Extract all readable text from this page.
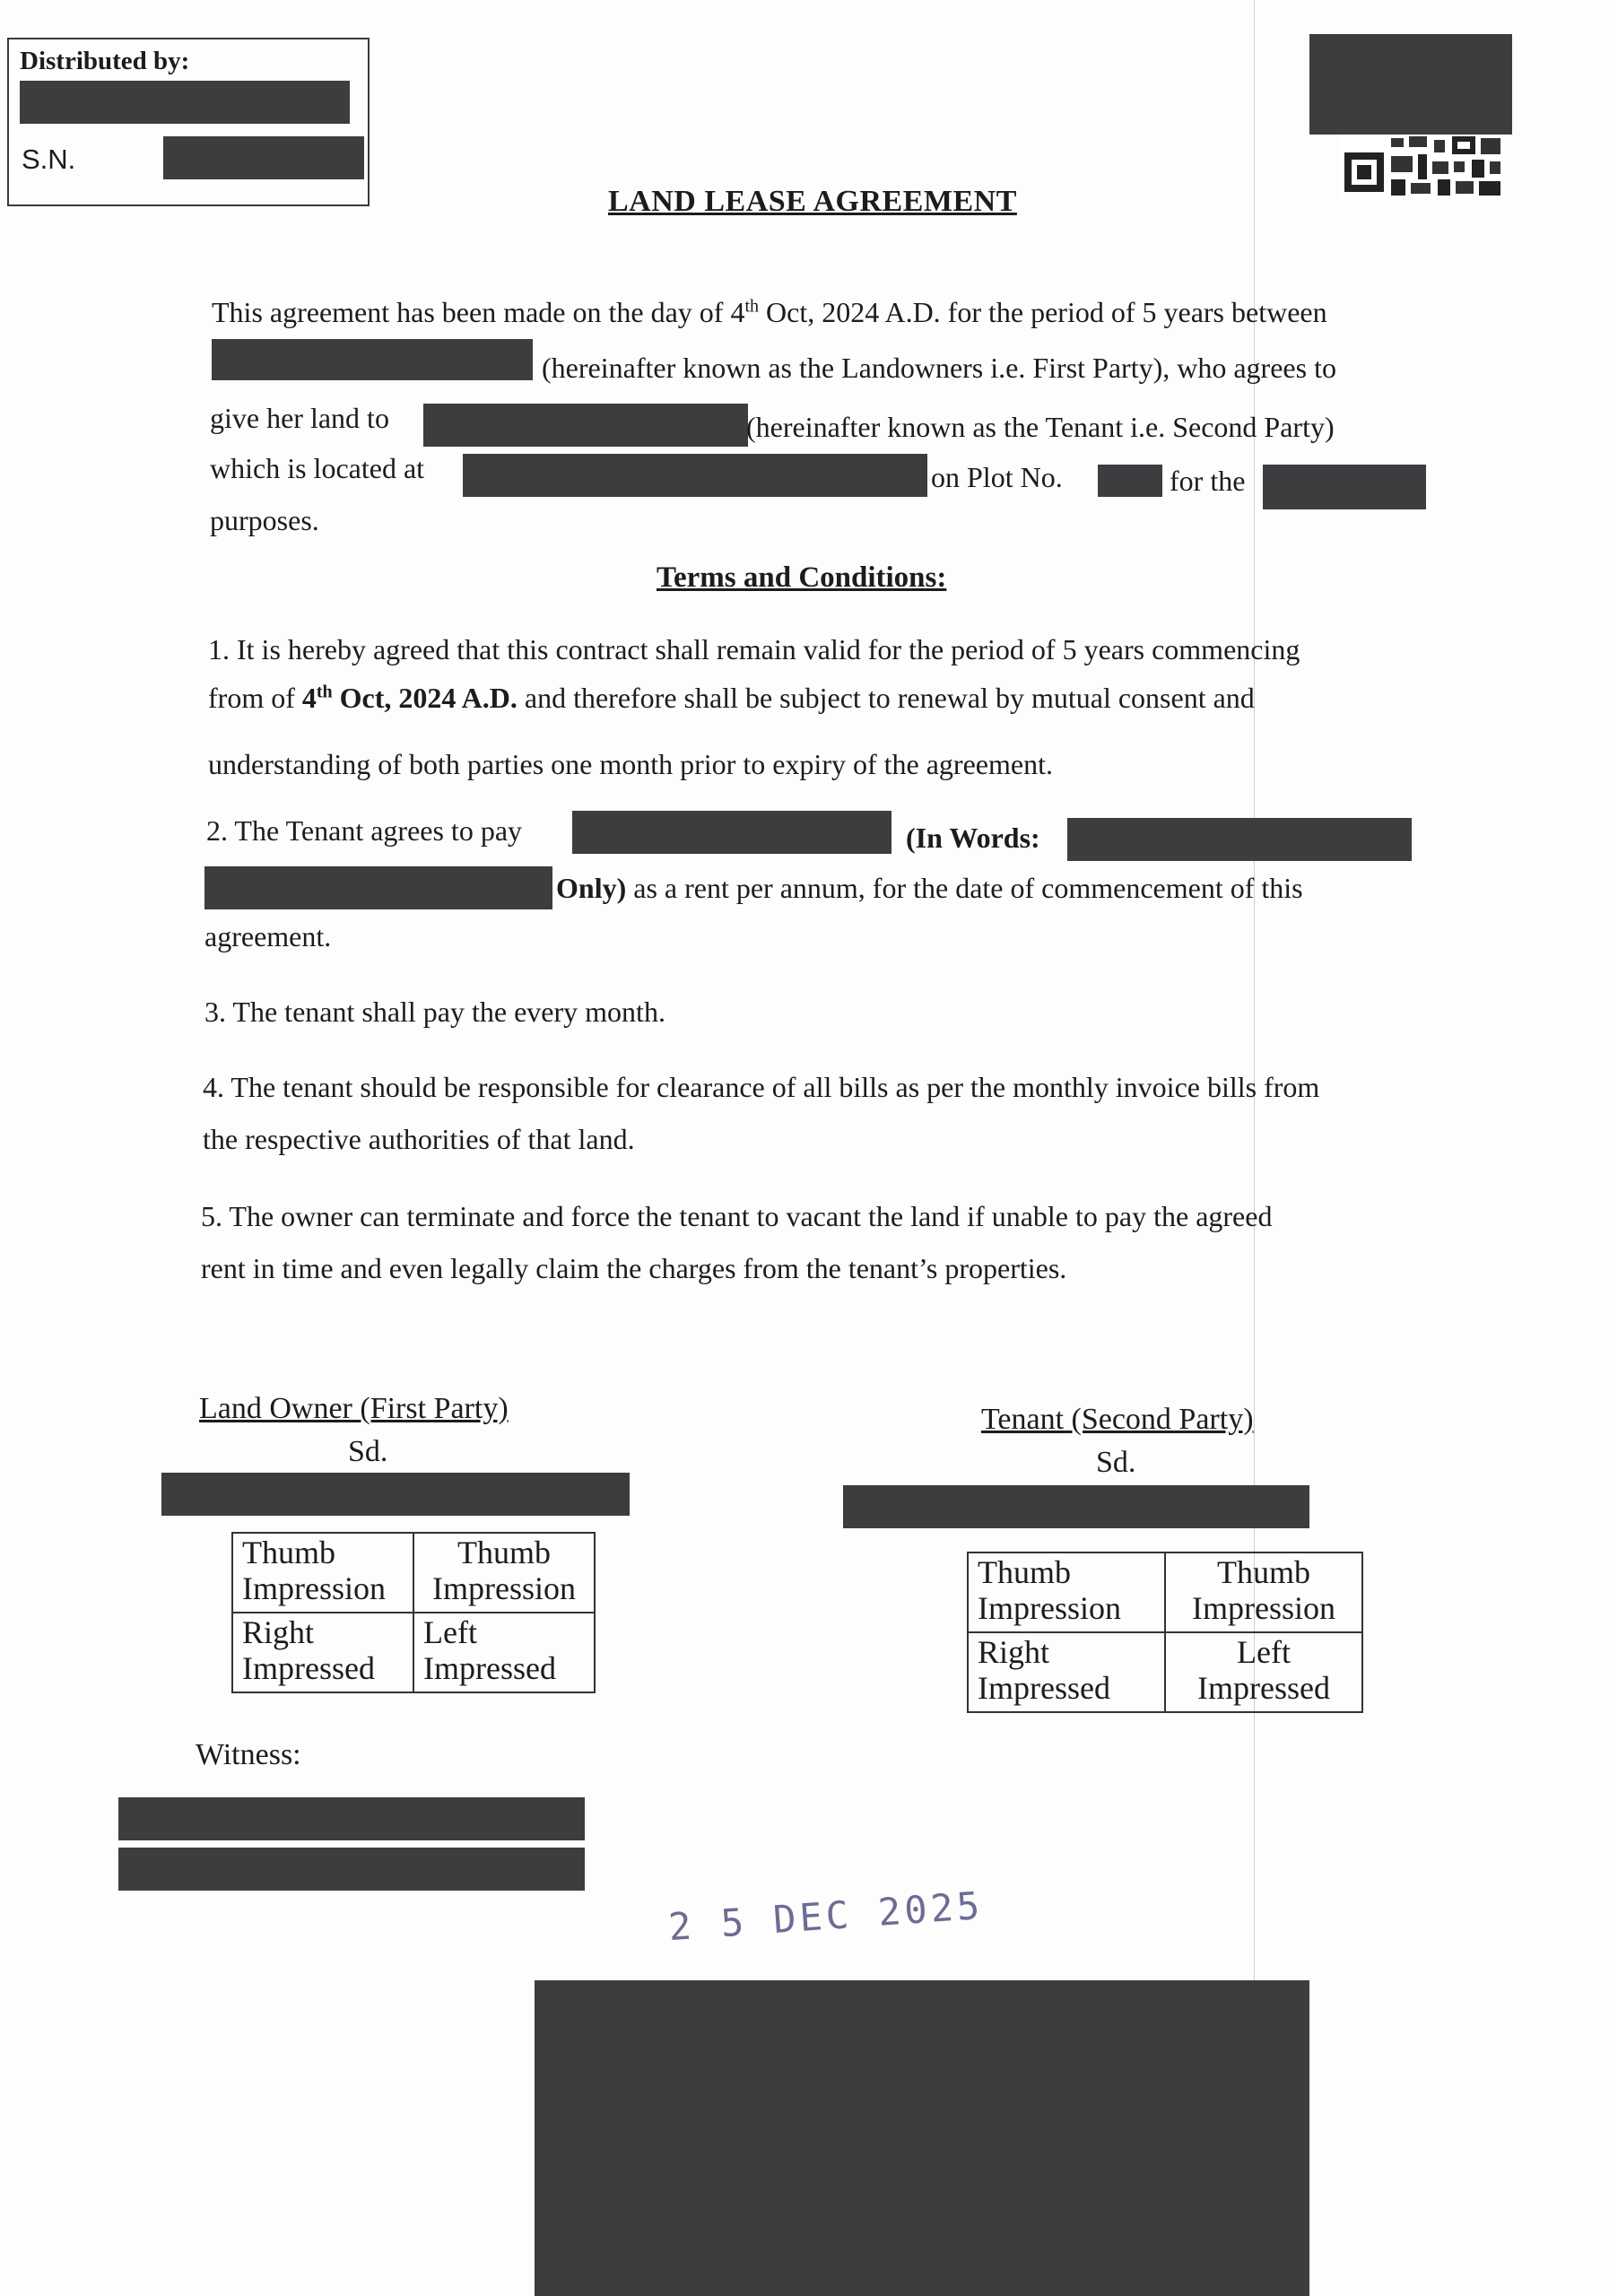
Distributed by:
S.N.
LAND LEASE AGREEMENT
This agreement has been made on the day of 4th Oct, 2024 A.D. for the period of 5 years between
(hereinafter known as the Landowners i.e. First Party), who agrees to
give her land to	(hereinafter known as the Tenant i.e. Second Party)
which is located at	on Plot No.	for the
purposes.
Terms and Conditions:
1. It is hereby agreed that this contract shall remain valid for the period of 5 years commencing
from of 4th Oct, 2024 A.D. and therefore shall be subject to renewal by mutual consent and
understanding of both parties one month prior to expiry of the agreement.
2. The Tenant agrees to pay	(In Words:
Only) as a rent per annum, for the date of commencement of this
agreement.
3. The tenant shall pay the every month.
4. The tenant should be responsible for clearance of all bills as per the monthly invoice bills from
the respective authorities of that land.
5. The owner can terminate and force the tenant to vacant the land if unable to pay the agreed
rent in time and even legally claim the charges from the tenant’s properties.
Land Owner (First Party)
Sd.
Thumb Impression	Thumb Impression
Right Impressed	Left Impressed
Tenant (Second Party)
Sd.
Thumb Impression	Thumb Impression
Right Impressed	Left Impressed
Witness:
2 5 DEC 2025
